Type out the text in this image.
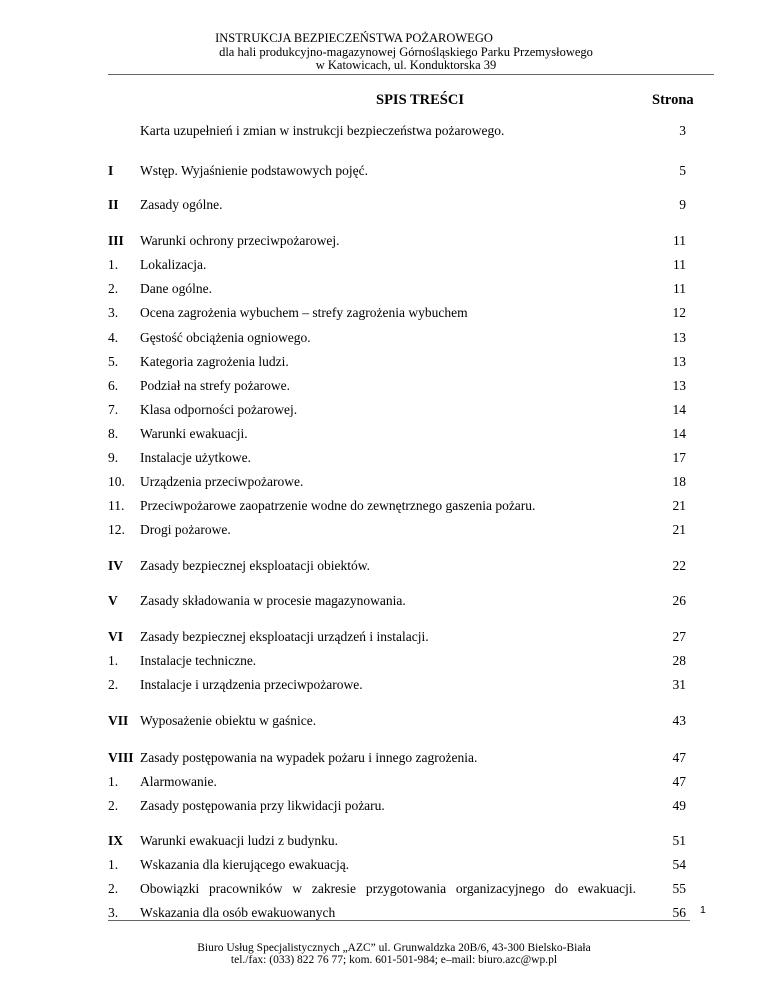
INSTRUKCJA BEZPIECZEŃSTWA POŻAROWEGO
dla hali produkcyjno-magazynowej Górnośląskiego Parku Przemysłowego
w Katowicach, ul. Konduktorska 39
SPIS TREŚCI	Strona
Karta uzupełnień i zmian w instrukcji bezpieczeństwa pożarowego.	3
I	Wstęp. Wyjaśnienie podstawowych pojęć.	5
II	Zasady ogólne.	9
III	Warunki ochrony przeciwpożarowej.	11
1.	Lokalizacja.	11
2.	Dane ogólne.	11
3.	Ocena zagrożenia wybuchem – strefy zagrożenia wybuchem	12
4.	Gęstość obciążenia ogniowego.	13
5.	Kategoria zagrożenia ludzi.	13
6.	Podział na strefy pożarowe.	13
7.	Klasa odporności pożarowej.	14
8.	Warunki ewakuacji.	14
9.	Instalacje użytkowe.	17
10.	Urządzenia przeciwpożarowe.	18
11.	Przeciwpożarowe zaopatrzenie wodne do zewnętrznego gaszenia pożaru.	21
12.	Drogi pożarowe.	21
IV	Zasady bezpiecznej eksploatacji obiektów.	22
V	Zasady składowania w procesie magazynowania.	26
VI	Zasady bezpiecznej eksploatacji urządzeń i instalacji.	27
1.	Instalacje techniczne.	28
2.	Instalacje i urządzenia przeciwpożarowe.	31
VII Wyposażenie obiektu w gaśnice.	43
VIII Zasady postępowania na wypadek pożaru i innego zagrożenia.	47
1.	Alarmowanie.	47
2.	Zasady postępowania przy likwidacji pożaru.	49
IX	Warunki ewakuacji ludzi z budynku.	51
1.	Wskazania dla kierującego ewakuacją.	54
2.	Obowiązki pracowników w zakresie przygotowania organizacyjnego do ewakuacji.	55
3.	Wskazania dla osób ewakuowanych	56 1
Biuro Usług Specjalistycznych „AZC” ul. Grunwaldzka 20B/6, 43-300 Bielsko-Biała
tel./fax: (033) 822 76 77; kom. 601-501-984; e–mail: biuro.azc@wp.pl
